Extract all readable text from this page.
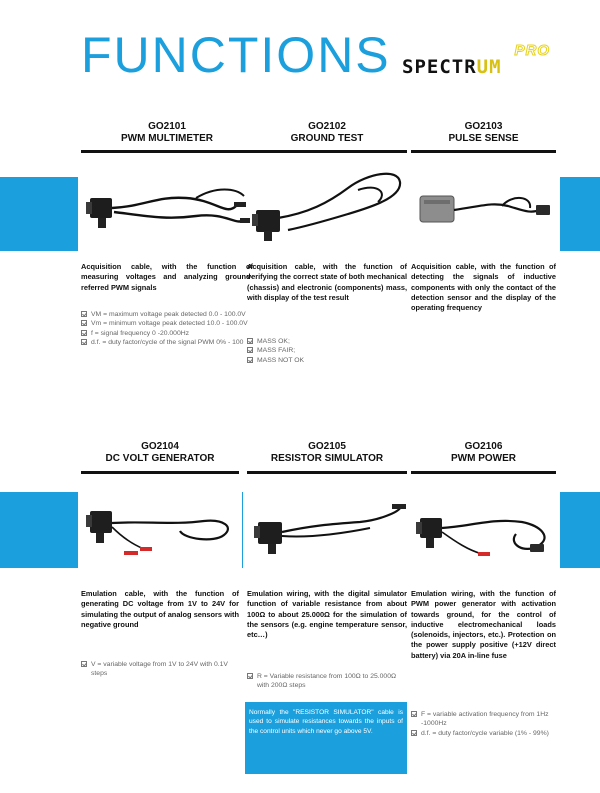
FUNCTIONS SPECTRUM
PRO
GO2101
PWM MULTIMETER
Acquisition cable, with the function of measuring voltages and analyzing ground-referred PWM signals
VM = maximum voltage peak detected 0.0 - 100.0V
Vm = minimum voltage peak detected 10.0 - 100.0V
f = signal frequency 0 -20.000Hz
d.f. = duty factor/cycle of the signal PWM 0% - 100
GO2102
GROUND TEST
Acquisition cable, with the function of verifying the correct state of both mechanical (chassis) and electronic (components) mass, with display of the test result
MASS OK;
MASS FAIR;
MASS NOT OK
GO2103
PULSE SENSE
Acquisition cable, with the function of detecting the signals of inductive components with only the contact of the detection sensor and the display of the operating frequency
GO2104
DC VOLT GENERATOR
Emulation cable, with the function of generating DC voltage from 1V to 24V for simulating the output of analog sensors with negative ground
V = variable voltage from 1V to 24V with 0.1V steps
GO2105
RESISTOR SIMULATOR
Emulation wiring, with the digital simulator function of variable resistance from about 100Ω to about 25.000Ω for the simulation of the sensors (e.g. engine temperature sensor, etc…)
R = Variable resistance from 100Ω to 25.000Ω with 200Ω steps
Normally the "RESISTOR SIMULATOR" cable is used to simulate resistances towards the inputs of the control units which never go above 5V.
GO2106
PWM POWER
Emulation wiring, with the function of PWM power generator with activation towards ground, for the control of inductive electromechanical loads (solenoids, injectors, etc.). Protection on the power supply positive (+12V direct battery) via 20A in-line fuse
F = variable activation frequency from 1Hz -1000Hz
d.f. = duty factor/cycle variable (1% - 99%)
